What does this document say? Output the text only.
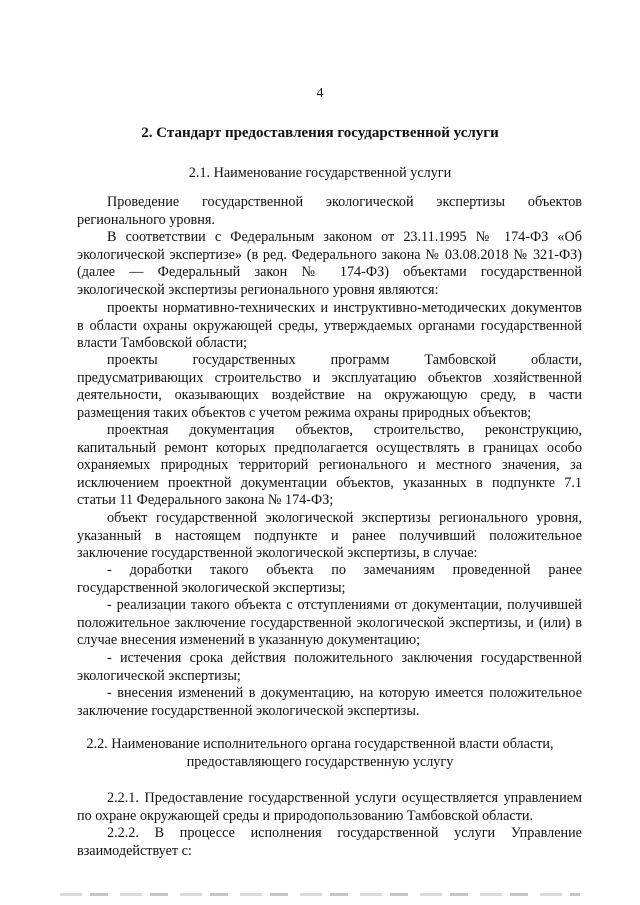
4
2. Стандарт предоставления государственной услуги
2.1. Наименование государственной услуги

Проведение государственной экологической экспертизы объектов регионального уровня.

В соответствии с Федеральным законом от 23.11.1995 № 174-ФЗ «Об экологической экспертизе» (в ред. Федерального закона № 03.08.2018 № 321-ФЗ) (далее — Федеральный закон № 174-ФЗ) объектами государственной экологической экспертизы регионального уровня являются:

проекты нормативно-технических и инструктивно-методических документов в области охраны окружающей среды, утверждаемых органами государственной власти Тамбовской области;

проекты государственных программ Тамбовской области, предусматривающих строительство и эксплуатацию объектов хозяйственной деятельности, оказывающих воздействие на окружающую среду, в части размещения таких объектов с учетом режима охраны природных объектов;

проектная документация объектов, строительство, реконструкцию, капитальный ремонт которых предполагается осуществлять в границах особо охраняемых природных территорий регионального и местного значения, за исключением проектной документации объектов, указанных в подпункте 7.1 статьи 11 Федерального закона № 174-ФЗ;

объект государственной экологической экспертизы регионального уровня, указанный в настоящем подпункте и ранее получивший положительное заключение государственной экологической экспертизы, в случае:

- доработки такого объекта по замечаниям проведенной ранее государственной экологической экспертизы;

- реализации такого объекта с отступлениями от документации, получившей положительное заключение государственной экологической экспертизы, и (или) в случае внесения изменений в указанную документацию;

- истечения срока действия положительного заключения государственной экологической экспертизы;

- внесения изменений в документацию, на которую имеется положительное заключение государственной экологической экспертизы.

2.2. Наименование исполнительного органа государственной власти области,
предоставляющего государственную услугу

2.2.1. Предоставление государственной услуги осуществляется управлением по охране окружающей среды и природопользованию Тамбовской области.

2.2.2. В процессе исполнения государственной услуги Управление взаимодействует с:
